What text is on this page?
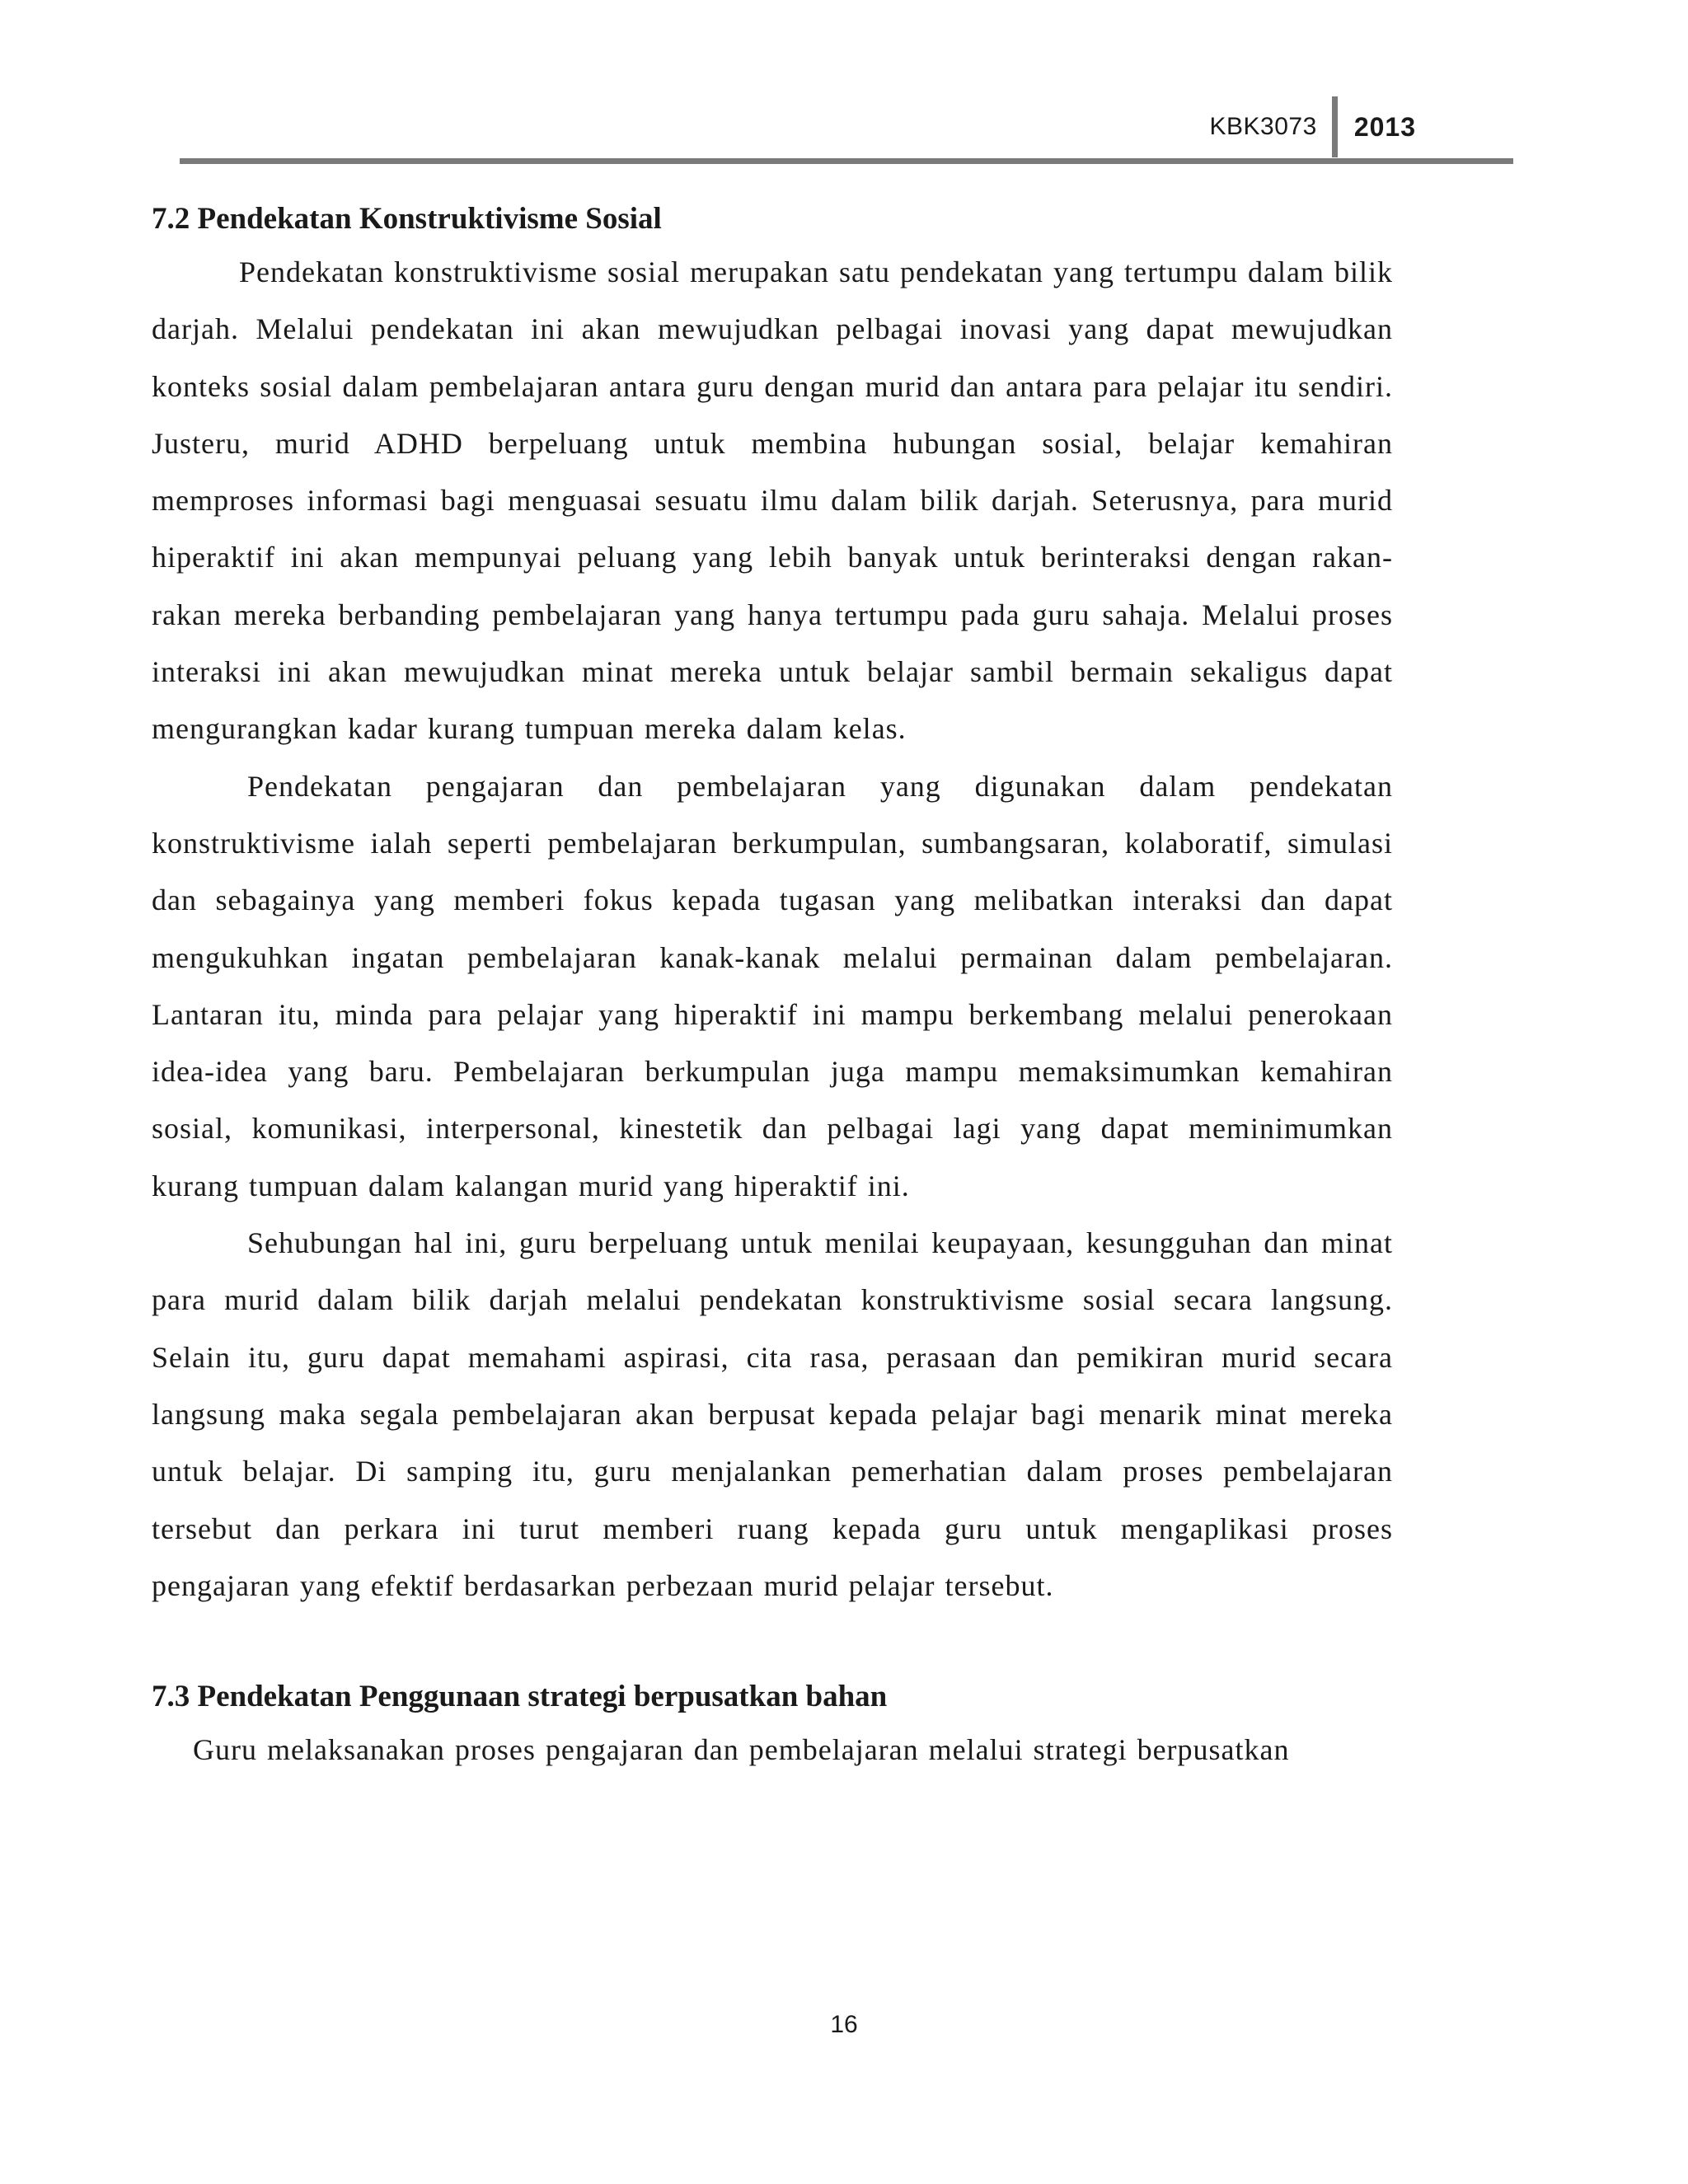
KBK3073	2013
7.2 Pendekatan Konstruktivisme Sosial

Pendekatan konstruktivisme sosial merupakan satu pendekatan yang tertumpu dalam bilik darjah. Melalui pendekatan ini akan mewujudkan pelbagai inovasi yang dapat mewujudkan konteks sosial dalam pembelajaran antara guru dengan murid dan antara para pelajar itu sendiri. Justeru, murid ADHD berpeluang untuk membina hubungan sosial, belajar kemahiran memproses informasi bagi menguasai sesuatu ilmu dalam bilik darjah. Seterusnya, para murid hiperaktif ini akan mempunyai peluang yang lebih banyak untuk berinteraksi dengan rakan-rakan mereka berbanding pembelajaran yang hanya tertumpu pada guru sahaja. Melalui proses interaksi ini akan mewujudkan minat mereka untuk belajar sambil bermain sekaligus dapat mengurangkan kadar kurang tumpuan mereka dalam kelas.

Pendekatan pengajaran dan pembelajaran yang digunakan dalam pendekatan konstruktivisme ialah seperti pembelajaran berkumpulan, sumbangsaran, kolaboratif, simulasi dan sebagainya yang memberi fokus kepada tugasan yang melibatkan interaksi dan dapat mengukuhkan ingatan pembelajaran kanak-kanak melalui permainan dalam pembelajaran. Lantaran itu, minda para pelajar yang hiperaktif ini mampu berkembang melalui penerokaan idea-idea yang baru. Pembelajaran berkumpulan juga mampu memaksimumkan kemahiran sosial, komunikasi, interpersonal, kinestetik dan pelbagai lagi yang dapat meminimumkan kurang tumpuan dalam kalangan murid yang hiperaktif ini.

Sehubungan hal ini, guru berpeluang untuk menilai keupayaan, kesungguhan dan minat para murid dalam bilik darjah melalui pendekatan konstruktivisme sosial secara langsung. Selain itu, guru dapat memahami aspirasi, cita rasa, perasaan dan pemikiran murid secara langsung maka segala pembelajaran akan berpusat kepada pelajar bagi menarik minat mereka untuk belajar. Di samping itu, guru menjalankan pemerhatian dalam proses pembelajaran tersebut dan perkara ini turut memberi ruang kepada guru untuk mengaplikasi proses pengajaran yang efektif berdasarkan perbezaan murid pelajar tersebut.

7.3 Pendekatan Penggunaan strategi berpusatkan bahan

Guru melaksanakan proses pengajaran dan pembelajaran melalui strategi berpusatkan

16
